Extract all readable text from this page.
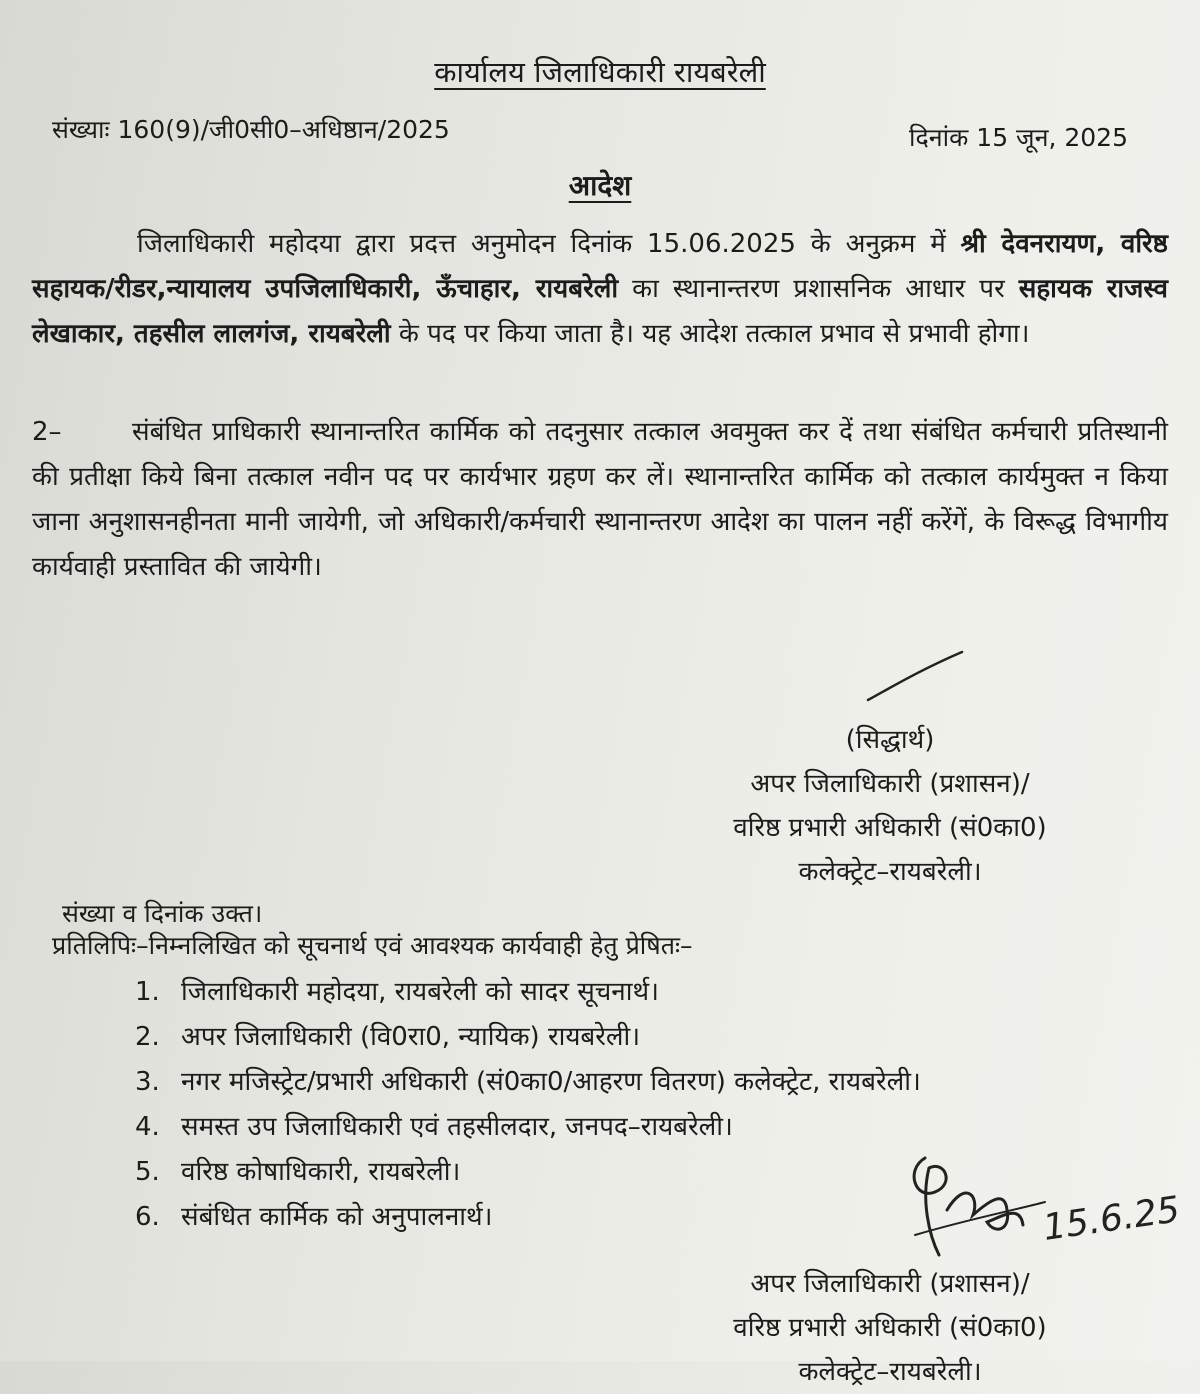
कार्यालय जिलाधिकारी रायबरेली
संख्याः 160(9)/जी0सी0–अधिष्ठान/2025	दिनांक 15 जून, 2025
आदेश
जिलाधिकारी महोदया द्वारा प्रदत्त अनुमोदन दिनांक 15.06.2025 के अनुक्रम में श्री देवनरायण, वरिष्ठ सहायक/रीडर,न्यायालय उपजिलाधिकारी, ऊँचाहार, रायबरेली का स्थानान्तरण प्रशासनिक आधार पर सहायक राजस्व लेखाकार, तहसील लालगंज, रायबरेली के पद पर किया जाता है। यह आदेश तत्काल प्रभाव से प्रभावी होगा।
2–	संबंधित प्राधिकारी स्थानान्तरित कार्मिक को तदनुसार तत्काल अवमुक्त कर दें तथा संबंधित कर्मचारी प्रतिस्थानी की प्रतीक्षा किये बिना तत्काल नवीन पद पर कार्यभार ग्रहण कर लें। स्थानान्तरित कार्मिक को तत्काल कार्यमुक्त न किया जाना अनुशासनहीनता मानी जायेगी, जो अधिकारी/कर्मचारी स्थानान्तरण आदेश का पालन नहीं करेंगें, के विरूद्ध विभागीय कार्यवाही प्रस्तावित की जायेगी।
(सिद्धार्थ)
अपर जिलाधिकारी (प्रशासन)/
वरिष्ठ प्रभारी अधिकारी (सं0का0)
कलेक्ट्रेट–रायबरेली।
संख्या व दिनांक उक्त।
प्रतिलिपिः–निम्नलिखित को सूचनार्थ एवं आवश्यक कार्यवाही हेतु प्रेषितः–
1. जिलाधिकारी महोदया, रायबरेली को सादर सूचनार्थ।
2. अपर जिलाधिकारी (वि0रा0, न्यायिक) रायबरेली।
3. नगर मजिस्ट्रेट/प्रभारी अधिकारी (सं0का0/आहरण वितरण) कलेक्ट्रेट, रायबरेली।
4. समस्त उप जिलाधिकारी एवं तहसीलदार, जनपद–रायबरेली।
5. वरिष्ठ कोषाधिकारी, रायबरेली।
6. संबंधित कार्मिक को अनुपालनार्थ।	15.6.25
अपर जिलाधिकारी (प्रशासन)/
वरिष्ठ प्रभारी अधिकारी (सं0का0)
कलेक्ट्रेट–रायबरेली।
